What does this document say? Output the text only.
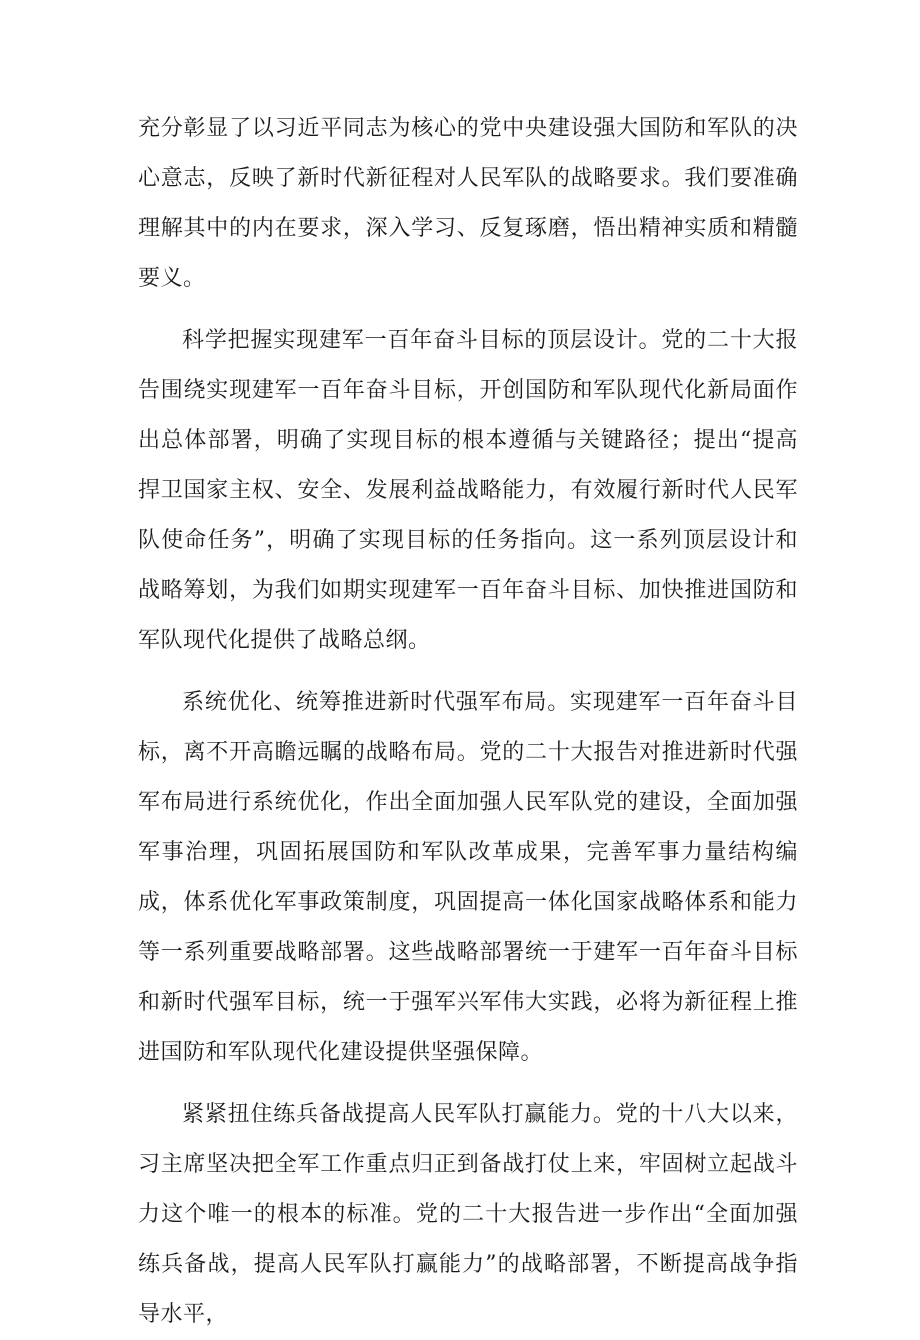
充分彰显了以习近平同志为核心的党中央建设强大国防和军队的决心意志，反映了新时代新征程对人民军队的战略要求。我们要准确理解其中的内在要求，深入学习、反复琢磨，悟出精神实质和精髓要义。

科学把握实现建军一百年奋斗目标的顶层设计。党的二十大报告围绕实现建军一百年奋斗目标，开创国防和军队现代化新局面作出总体部署，明确了实现目标的根本遵循与关键路径；提出“提高捍卫国家主权、安全、发展利益战略能力，有效履行新时代人民军队使命任务”，明确了实现目标的任务指向。这一系列顶层设计和战略筹划，为我们如期实现建军一百年奋斗目标、加快推进国防和军队现代化提供了战略总纲。

系统优化、统筹推进新时代强军布局。实现建军一百年奋斗目标，离不开高瞻远瞩的战略布局。党的二十大报告对推进新时代强军布局进行系统优化，作出全面加强人民军队党的建设，全面加强军事治理，巩固拓展国防和军队改革成果，完善军事力量结构编成，体系优化军事政策制度，巩固提高一体化国家战略体系和能力等一系列重要战略部署。这些战略部署统一于建军一百年奋斗目标和新时代强军目标，统一于强军兴军伟大实践，必将为新征程上推进国防和军队现代化建设提供坚强保障。

紧紧扭住练兵备战提高人民军队打赢能力。党的十八大以来，习主席坚决把全军工作重点归正到备战打仗上来，牢固树立起战斗力这个唯一的根本的标准。党的二十大报告进一步作出“全面加强练兵备战，提高人民军队打赢能力”的战略部署，不断提高战争指导水平，
